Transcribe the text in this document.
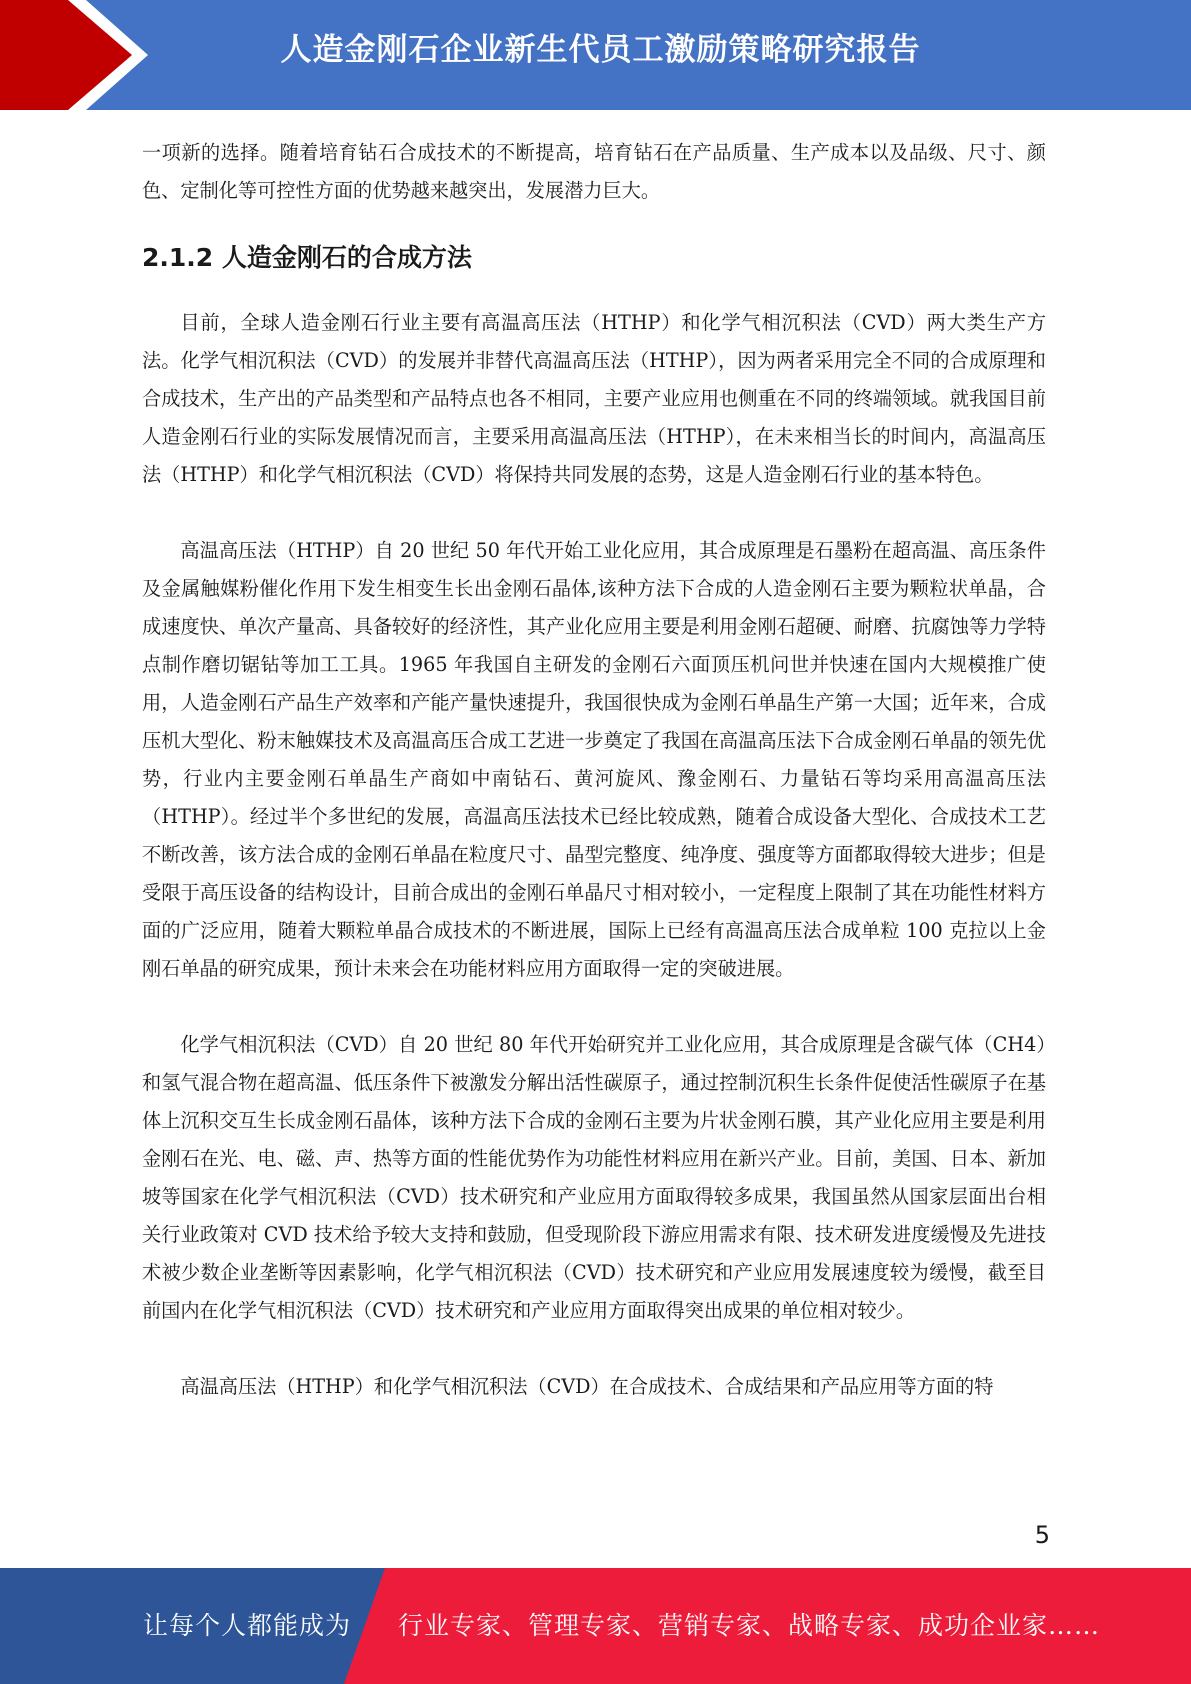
人造金刚石企业新生代员工激励策略研究报告

一项新的选择。随着培育钻石合成技术的不断提高，培育钻石在产品质量、生产成本以及品级、尺寸、颜色、定制化等可控性方面的优势越来越突出，发展潜力巨大。

2.1.2 人造金刚石的合成方法

目前，全球人造金刚石行业主要有高温高压法（HTHP）和化学气相沉积法（CVD）两大类生产方法。化学气相沉积法（CVD）的发展并非替代高温高压法（HTHP），因为两者采用完全不同的合成原理和合成技术，生产出的产品类型和产品特点也各不相同，主要产业应用也侧重在不同的终端领域。就我国目前人造金刚石行业的实际发展情况而言，主要采用高温高压法（HTHP），在未来相当长的时间内，高温高压法（HTHP）和化学气相沉积法（CVD）将保持共同发展的态势，这是人造金刚石行业的基本特色。

高温高压法（HTHP）自 20 世纪 50 年代开始工业化应用，其合成原理是石墨粉在超高温、高压条件及金属触媒粉催化作用下发生相变生长出金刚石晶体,该种方法下合成的人造金刚石主要为颗粒状单晶，合成速度快、单次产量高、具备较好的经济性，其产业化应用主要是利用金刚石超硬、耐磨、抗腐蚀等力学特点制作磨切锯钻等加工工具。1965 年我国自主研发的金刚石六面顶压机问世并快速在国内大规模推广使用，人造金刚石产品生产效率和产能产量快速提升，我国很快成为金刚石单晶生产第一大国；近年来，合成压机大型化、粉末触媒技术及高温高压合成工艺进一步奠定了我国在高温高压法下合成金刚石单晶的领先优势，行业内主要金刚石单晶生产商如中南钻石、黄河旋风、豫金刚石、力量钻石等均采用高温高压法（HTHP）。经过半个多世纪的发展，高温高压法技术已经比较成熟，随着合成设备大型化、合成技术工艺不断改善，该方法合成的金刚石单晶在粒度尺寸、晶型完整度、纯净度、强度等方面都取得较大进步；但是受限于高压设备的结构设计，目前合成出的金刚石单晶尺寸相对较小，一定程度上限制了其在功能性材料方面的广泛应用，随着大颗粒单晶合成技术的不断进展，国际上已经有高温高压法合成单粒 100 克拉以上金刚石单晶的研究成果，预计未来会在功能材料应用方面取得一定的突破进展。

化学气相沉积法（CVD）自 20 世纪 80 年代开始研究并工业化应用，其合成原理是含碳气体（CH4）和氢气混合物在超高温、低压条件下被激发分解出活性碳原子，通过控制沉积生长条件促使活性碳原子在基体上沉积交互生长成金刚石晶体，该种方法下合成的金刚石主要为片状金刚石膜，其产业化应用主要是利用金刚石在光、电、磁、声、热等方面的性能优势作为功能性材料应用在新兴产业。目前，美国、日本、新加坡等国家在化学气相沉积法（CVD）技术研究和产业应用方面取得较多成果，我国虽然从国家层面出台相关行业政策对 CVD 技术给予较大支持和鼓励，但受现阶段下游应用需求有限、技术研发进度缓慢及先进技术被少数企业垄断等因素影响，化学气相沉积法（CVD）技术研究和产业应用发展速度较为缓慢，截至目前国内在化学气相沉积法（CVD）技术研究和产业应用方面取得突出成果的单位相对较少。

高温高压法（HTHP）和化学气相沉积法（CVD）在合成技术、合成结果和产品应用等方面的特

5
让每个人都能成为 行业专家、管理专家、营销专家、战略专家、成功企业家……
